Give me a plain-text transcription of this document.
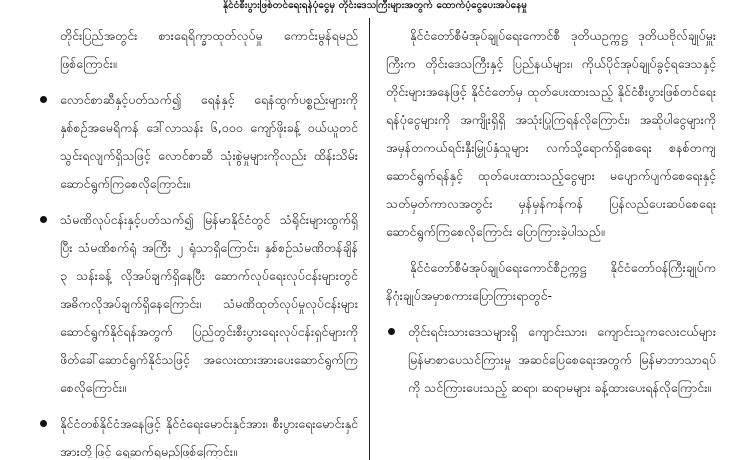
နိုင်ငံစီးပွားဖြစ်တင်ရေးရန်ပုံငွေမှ တိုင်းဒေသကြီးများအတွက် ထောက်ပံ့ငွေပေးအပ်နေမှု

တိုင်းပြည်အတွင်း စားရေရိက္ခာထုတ်လုပ်မှု ကောင်းမွန်ရမည်ဖြစ်ကြောင်း။

လောင်စာဆီနှင့်ပတ်သက်၍ ရေနံနှင့် ရေနံထွက်ပစ္စည်းများကို နှစ်စဉ်အမေရိကန် ဒေါ်လာသန်း ၆,၀၀၀ ကျော်ဖိုးခန့် ဝယ်ယူတင်သွင်းရလျက်ရှိသဖြင့် လောင်စာဆီ သုံးစွဲမှုများကိုလည်း ထိန်းသိမ်းဆောင်ရွက်ကြစေလိုကြောင်း။
သံမဏိလုပ်ငန်းနှင့်ပတ်သက်၍ မြန်မာနိုင်ငံတွင် သံရိုင်းများထွက်ရှိပြီး သံမဏိစက်ရုံ အကြီး ၂ ရုံသာရှိကြောင်း၊ နှစ်စဉ်သံမဏိတန်ချိန် ၃ သန်းခန့် လိုအပ်ချက်ရှိနေပြီး ဆောက်လုပ်ရေးလုပ်ငန်းများတွင် အဓိကလိုအပ်ချက်ရှိနေကြောင်း၊ သံမဏိထုတ်လုပ်မှုလုပ်ငန်းများ ဆောင်ရွက်နိုင်ရန်အတွက် ပြည်တွင်းစီးပွားရေးလုပ်ငန်းရှင်များကို ဖိတ်ခေါ်ဆောင်ရွက်နိုင်သဖြင့် အလေးထားအားပေးဆောင်ရွက်ကြစေလိုကြောင်း။
နိုင်ငံတစ်နိုင်ငံအနေဖြင့် နိုင်ငံရေးမောင်းနှင်အား၊ စီးပွားရေးမောင်းနှင်အားတို့ဖြင့် ရှေ့ဆက်ရမည်ဖြစ်ကြောင်း။

နိုင်ငံတော်စီမံအုပ်ချုပ်ရေးကောင်စီ ဒုတိယဥက္ကဋ္ဌ ဒုတိယဗိုလ်ချုပ်မှူးကြီးက တိုင်းဒေသကြီးနှင့် ပြည်နယ်များ၊ ကိုယ်ပိုင်အုပ်ချုပ်ခွင့်ရဒေသနှင့် တိုင်းများအနေဖြင့် နိုင်ငံတော်မှ ထုတ်ပေးထားသည့် နိုင်ငံစီးပွားဖြစ်တင်ရေးရန်ပုံငွေများကို အကျိုးရှိရှိ အသုံးပြုကြရန်လိုကြောင်း၊ အဆိုပါငွေများကို အမှန်တကယ်ရင်းနှီးမြှုပ်နှံသူများ လက်သို့ရောက်ရှိစေရေး စနစ်တကျ ဆောင်ရွက်ရန်နှင့် ထုတ်ပေးထားသည့်ငွေများ မပျောက်ပျက်စေရေးနှင့် သတ်မှတ်ကာလအတွင်း မှန်မှန်ကန်ကန် ပြန်လည်ပေးဆပ်စေရေး ဆောင်ရွက်ကြစေလိုကြောင်း ပြောကြားခဲ့ပါသည်။

နိုင်ငံတော်စီမံအုပ်ချုပ်ရေးကောင်စီဥက္ကဋ္ဌ နိုင်ငံတော်ဝန်ကြီးချုပ်က နိဂုံးချုပ်အမှာစကားပြောကြားရာတွင်-

တိုင်းရင်းသားဒေသများရှိ ကျောင်းသား၊ ကျောင်းသူကလေးငယ်များ မြန်မာစာပေသင်ကြားမှု အဆင်ပြေစေရေးအတွက် မြန်မာဘာသာရပ်ကို သင်ကြားပေးသည့် ဆရာ၊ ဆရာမများ ခန့်ထားပေးရန်လိုကြောင်း။
